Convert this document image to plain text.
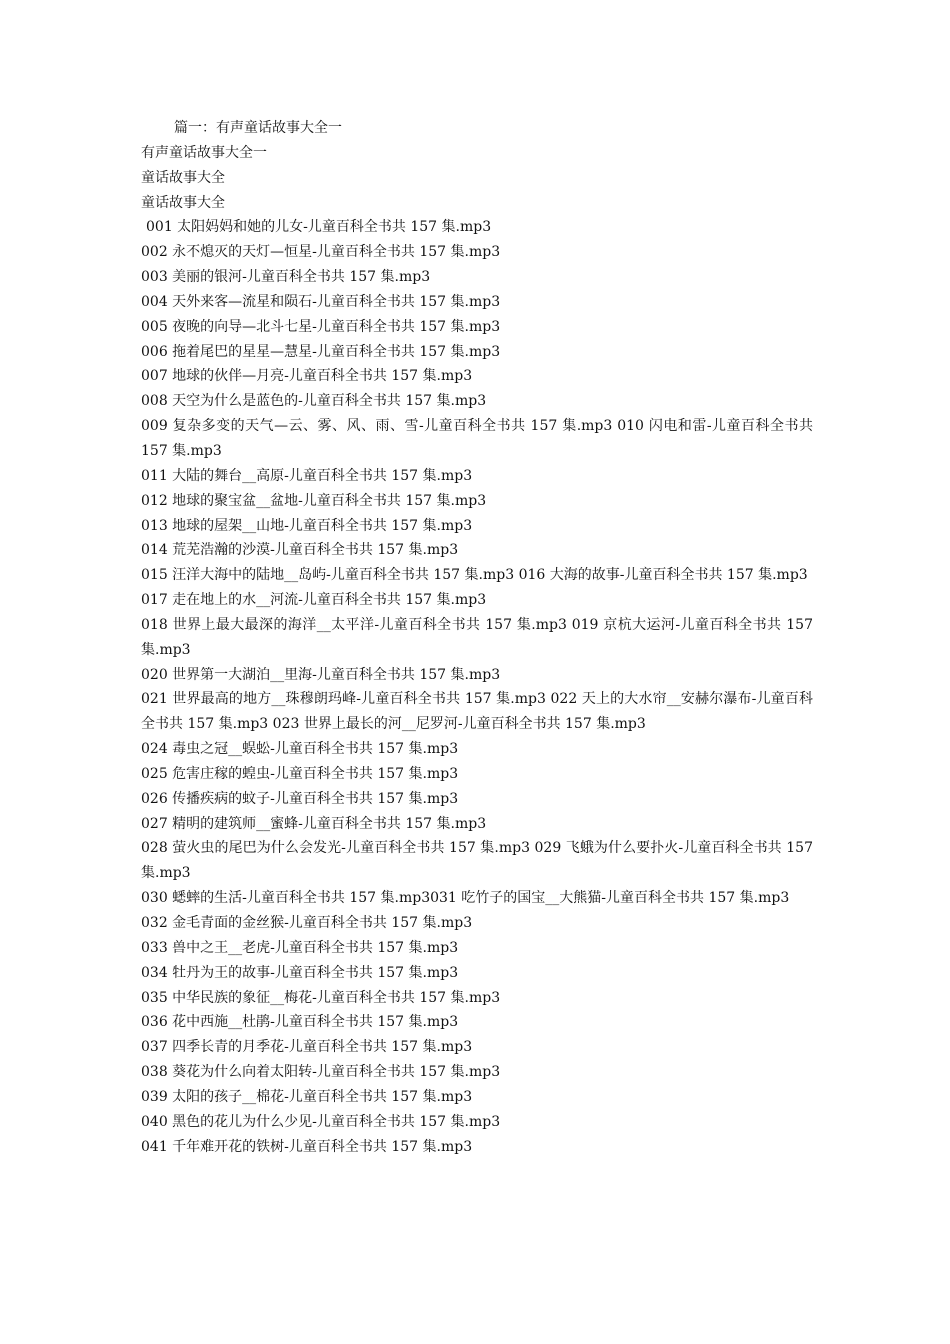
篇一：有声童话故事大全一

有声童话故事大全一

童话故事大全

童话故事大全

001 太阳妈妈和她的儿女-儿童百科全书共 157 集.mp3

002 永不熄灭的天灯—恒星-儿童百科全书共 157 集.mp3

003 美丽的银河-儿童百科全书共 157 集.mp3

004 天外来客—流星和陨石-儿童百科全书共 157 集.mp3

005 夜晚的向导—北斗七星-儿童百科全书共 157 集.mp3

006 拖着尾巴的星星—慧星-儿童百科全书共 157 集.mp3

007 地球的伙伴—月亮-儿童百科全书共 157 集.mp3

008 天空为什么是蓝色的-儿童百科全书共 157 集.mp3

009 复杂多变的天气—云、雾、风、雨、雪-儿童百科全书共 157 集.mp3 010 闪电和雷-儿童百科全书共 157 集.mp3

011 大陆的舞台__高原-儿童百科全书共 157 集.mp3

012 地球的聚宝盆__盆地-儿童百科全书共 157 集.mp3

013 地球的屋架__山地-儿童百科全书共 157 集.mp3

014 荒芜浩瀚的沙漠-儿童百科全书共 157 集.mp3

015 汪洋大海中的陆地__岛屿-儿童百科全书共 157 集.mp3 016 大海的故事-儿童百科全书共 157 集.mp3

017 走在地上的水__河流-儿童百科全书共 157 集.mp3

018 世界上最大最深的海洋__太平洋-儿童百科全书共 157 集.mp3 019 京杭大运河-儿童百科全书共 157 集.mp3

020 世界第一大湖泊__里海-儿童百科全书共 157 集.mp3

021 世界最高的地方__珠穆朗玛峰-儿童百科全书共 157 集.mp3 022 天上的大水帘__安赫尔瀑布-儿童百科全书共 157 集.mp3 023 世界上最长的河__尼罗河-儿童百科全书共 157 集.mp3

024 毒虫之冠__蜈蚣-儿童百科全书共 157 集.mp3

025 危害庄稼的蝗虫-儿童百科全书共 157 集.mp3

026 传播疾病的蚊子-儿童百科全书共 157 集.mp3

027 精明的建筑师__蜜蜂-儿童百科全书共 157 集.mp3

028 萤火虫的尾巴为什么会发光-儿童百科全书共 157 集.mp3 029 飞蛾为什么要扑火-儿童百科全书共 157 集.mp3

030 蟋蟀的生活-儿童百科全书共 157 集.mp3031 吃竹子的国宝__大熊猫-儿童百科全书共 157 集.mp3

032 金毛青面的金丝猴-儿童百科全书共 157 集.mp3

033 兽中之王__老虎-儿童百科全书共 157 集.mp3

034 牡丹为王的故事-儿童百科全书共 157 集.mp3

035 中华民族的象征__梅花-儿童百科全书共 157 集.mp3

036 花中西施__杜鹃-儿童百科全书共 157 集.mp3

037 四季长青的月季花-儿童百科全书共 157 集.mp3

038 葵花为什么向着太阳转-儿童百科全书共 157 集.mp3

039 太阳的孩子__棉花-儿童百科全书共 157 集.mp3

040 黑色的花儿为什么少见-儿童百科全书共 157 集.mp3

041 千年难开花的铁树-儿童百科全书共 157 集.mp3
